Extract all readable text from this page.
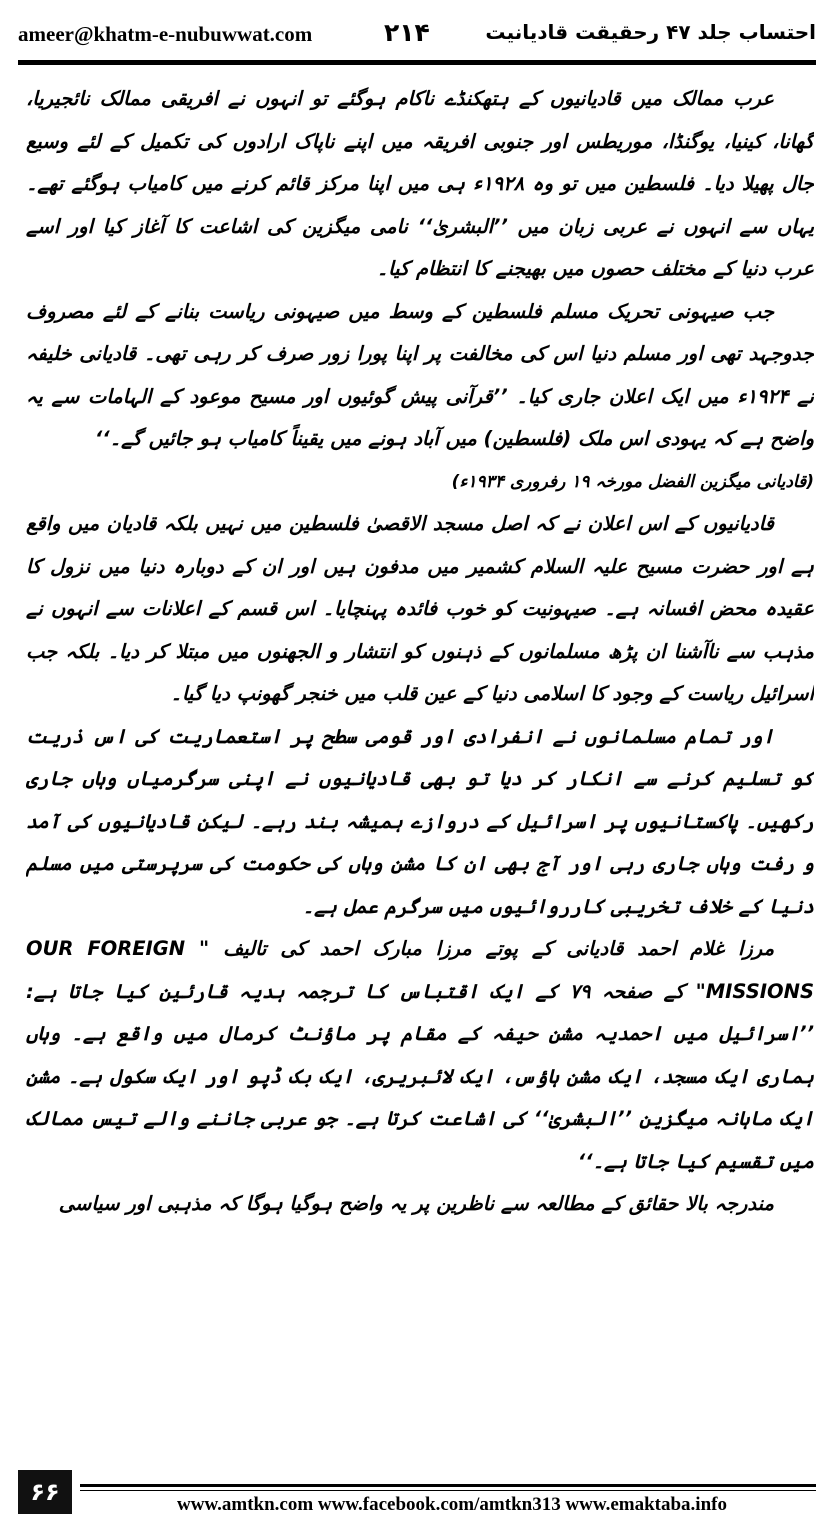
ameer@khatm-e-nubuwwat.com	۲۱۴	احتساب جلد ۴۷ رحقیقت قادیانیت

عرب ممالک میں قادیانیوں کے ہتھکنڈے ناکام ہوگئے تو انہوں نے افریقی ممالک نائجیریا، گھانا، کینیا، یوگنڈا، موریطس اور جنوبی افریقہ میں اپنے ناپاک ارادوں کی تکمیل کے لئے وسیع جال پھیلا دیا۔ فلسطین میں تو وہ ۱۹۲۸ء ہی میں اپنا مرکز قائم کرنے میں کامیاب ہوگئے تھے۔ یہاں سے انہوں نے عربی زبان میں ’’البشریٰ‘‘ نامی میگزین کی اشاعت کا آغاز کیا اور اسے عرب دنیا کے مختلف حصوں میں بھیجنے کا انتظام کیا۔

جب صیہونی تحریک مسلم فلسطین کے وسط میں صیہونی ریاست بنانے کے لئے مصروف جدوجہد تھی اور مسلم دنیا اس کی مخالفت پر اپنا پورا زور صرف کر رہی تھی۔ قادیانی خلیفہ نے ۱۹۲۴ء میں ایک اعلان جاری کیا۔ ’’قرآنی پیش گوئیوں اور مسیح موعود کے الہامات سے یہ واضح ہے کہ یہودی اس ملک (فلسطین) میں آباد ہونے میں یقیناً کامیاب ہو جائیں گے۔‘‘

(قادیانی میگزین الفضل مورخہ ۱۹ رفروری ۱۹۳۴ء)

قادیانیوں کے اس اعلان نے کہ اصل مسجد الاقصیٰ فلسطین میں نہیں بلکہ قادیان میں واقع ہے اور حضرت مسیح علیہ السلام کشمیر میں مدفون ہیں اور ان کے دوبارہ دنیا میں نزول کا عقیدہ محض افسانہ ہے۔ صیہونیت کو خوب فائدہ پہنچایا۔ اس قسم کے اعلانات سے انہوں نے مذہب سے ناآشنا ان پڑھ مسلمانوں کے ذہنوں کو انتشار و الجھنوں میں مبتلا کر دیا۔ بلکہ جب اسرائیل ریاست کے وجود کا اسلامی دنیا کے عین قلب میں خنجر گھونپ دیا گیا۔

اور تمام مسلمانوں نے انفرادی اور قومی سطح پر استعماریت کی اس ذریت کو تسلیم کرنے سے انکار کر دیا تو بھی قادیانیوں نے اپنی سرگرمیاں وہاں جاری رکھیں۔ پاکستانیوں پر اسرائیل کے دروازے ہمیشہ بند رہے۔ لیکن قادیانیوں کی آمد و رفت وہاں جاری رہی اور آج بھی ان کا مشن وہاں کی حکومت کی سرپرستی میں مسلم دنیا کے خلاف تخریبی کارروائیوں میں سرگرم عمل ہے۔

مرزا غلام احمد قادیانی کے پوتے مرزا مبارک احمد کی تالیف " OUR FOREIGN MISSIONS" کے صفحہ ۷۹ کے ایک اقتباس کا ترجمہ ہدیہ قارئین کیا جاتا ہے: ’’اسرائیل میں احمدیہ مشن حیفہ کے مقام پر ماؤنٹ کرمال میں واقع ہے۔ وہاں ہماری ایک مسجد، ایک مشن ہاؤس، ایک لائبریری، ایک بک ڈپو اور ایک سکول ہے۔ مشن ایک ماہانہ میگزین ’’البشریٰ‘‘ کی اشاعت کرتا ہے۔ جو عربی جاننے والے تیس ممالک میں تقسیم کیا جاتا ہے۔‘‘

مندرجہ بالا حقائق کے مطالعہ سے ناظرین پر یہ واضح ہوگیا ہوگا کہ مذہبی اور سیاسی

۶۶	www.amtkn.com www.facebook.com/amtkn313 www.emaktaba.info
